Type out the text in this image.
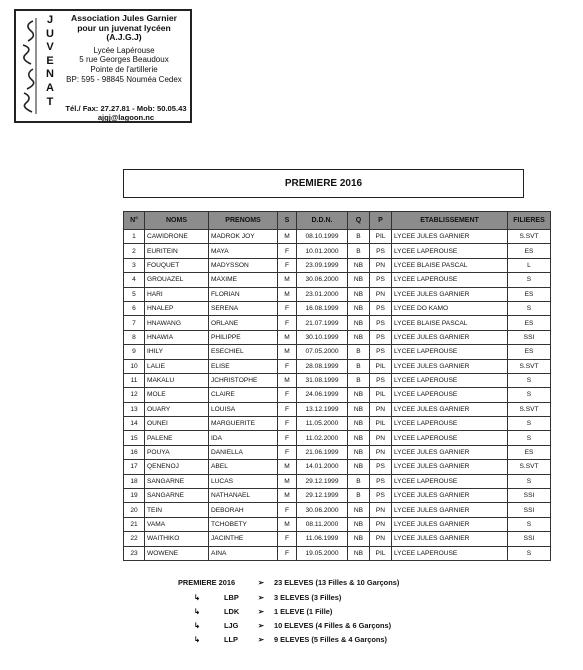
J
U
V
E
N
A
T
Association Jules Garnier
pour un juvenat lycéen
(A.J.G.J)
Lycée Lapérouse
5 rue Georges Beaudoux
Pointe de l'artillerie
BP: 595 - 98845 Nouméa Cedex
Tél./ Fax: 27.27.81 - Mob: 50.05.43
ajgj@lagoon.nc
PREMIERE 2016
N°	NOMS	PRENOMS	S	D.D.N.	Q	P	ETABLISSEMENT	FILIERES
1	CAWIDRONE	MADROK JOY	M	08.10.1999	B	PIL	LYCEE JULES GARNIER	S.SVT
2	EURITEIN	MAYA	F	10.01.2000	B	PS	LYCEE LAPEROUSE	ES
3	FOUQUET	MADYSSON	F	23.09.1999	NB	PN	LYCEE BLAISE PASCAL	L
4	GROUAZEL	MAXIME	M	30.06.2000	NB	PS	LYCEE LAPEROUSE	S
5	HARI	FLORIAN	M	23.01.2000	NB	PN	LYCEE JULES GARNIER	ES
6	HNALEP	SERENA	F	16.08.1999	NB	PS	LYCEE DO KAMO	S
7	HNAWANG	ORLANE	F	21.07.1999	NB	PS	LYCEE BLAISE PASCAL	ES
8	HNAWIA	PHILIPPE	M	30.10.1999	NB	PS	LYCEE JULES GARNIER	SSI
9	IHILY	ESECHIEL	M	07.05.2000	B	PS	LYCEE LAPEROUSE	ES
10	LALIE	ELISE	F	28.08.1999	B	PIL	LYCEE JULES GARNIER	S.SVT
11	MAKALU	JCHRISTOPHE	M	31.08.1999	B	PS	LYCEE LAPEROUSE	S
12	MOLE	CLAIRE	F	24.06.1999	NB	PIL	LYCEE LAPEROUSE	S
13	OUARY	LOUISA	F	13.12.1999	NB	PN	LYCEE JULES GARNIER	S.SVT
14	OUNEI	MARGUERITE	F	11.05.2000	NB	PIL	LYCEE LAPEROUSE	S
15	PALENE	IDA	F	11.02.2000	NB	PN	LYCEE LAPEROUSE	S
16	POUYA	DANIELLA	F	21.06.1999	NB	PN	LYCEE JULES GARNIER	ES
17	QENENOJ	ABEL	M	14.01.2000	NB	PS	LYCEE JULES GARNIER	S.SVT
18	SANGARNE	LUCAS	M	29.12.1999	B	PS	LYCEE LAPEROUSE	S
19	SANGARNE	NATHANAEL	M	29.12.1999	B	PS	LYCEE JULES GARNIER	SSI
20	TEIN	DEBORAH	F	30.06.2000	NB	PN	LYCEE JULES GARNIER	SSI
21	VAMA	TCHOBETY	M	08.11.2000	NB	PN	LYCEE JULES GARNIER	S
22	WAITHIKO	JACINTHE	F	11.06.1999	NB	PN	LYCEE JULES GARNIER	SSI
23	WOWENE	AINA	F	19.05.2000	NB	PIL	LYCEE LAPEROUSE	S
PREMIERE 2016	➢ 23 ELEVES (13 Filles & 10 Garçons)
↳	LBP	➢ 3 ELEVES (3 Filles)
↳	LDK	➢ 1 ELEVE (1 Fille)
↳	LJG	➢ 10 ELEVES (4 Filles & 6 Garçons)
↳	LLP	➢ 9 ELEVES (5 Filles & 4 Garçons)
